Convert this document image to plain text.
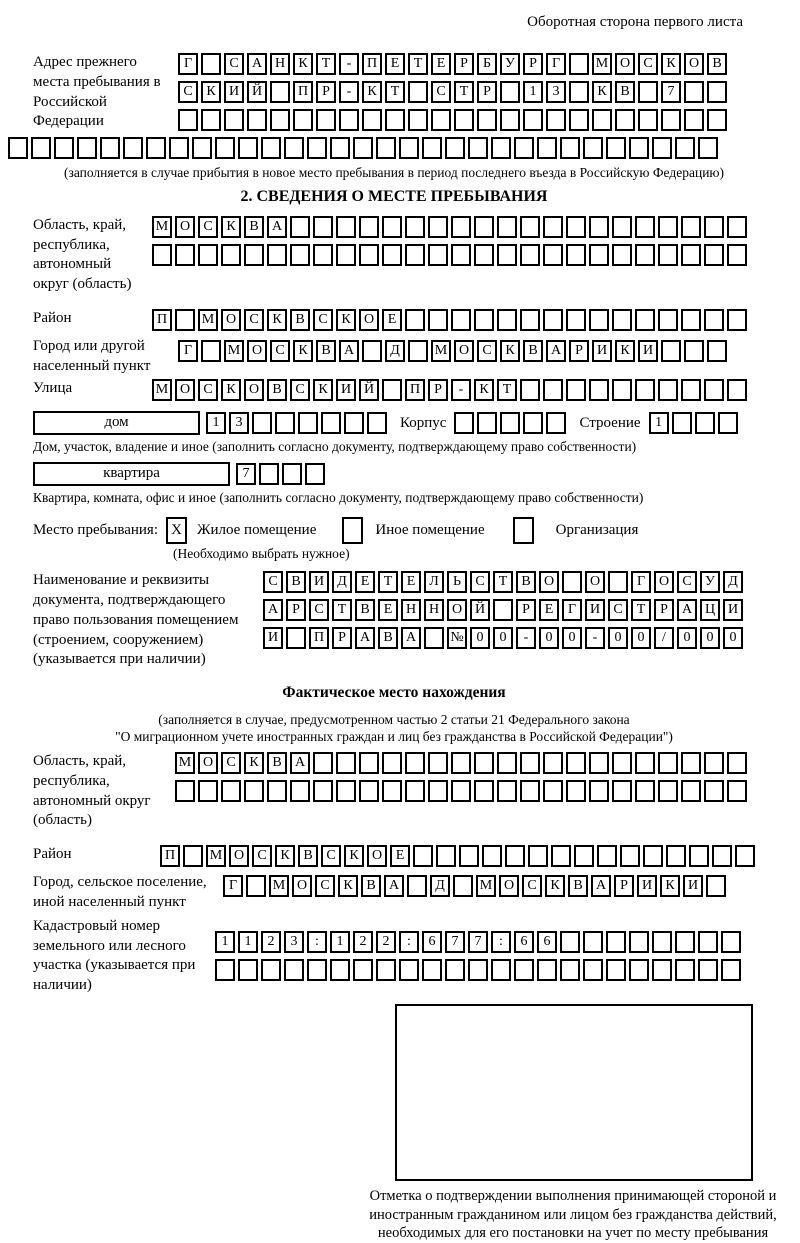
Оборотная сторона первого листа
Адрес прежнего места пребывания в Российской Федерации
Г	С А Н К Т - П Е Т Е Р Б У Р Г	М О С К О В
С К И Й	П Р - К Т	С Т Р	1 3	К В	7
(заполняется в случае прибытия в новое место пребывания в период последнего въезда в Российскую Федерацию)
2. СВЕДЕНИЯ О МЕСТЕ ПРЕБЫВАНИЯ
Область, край, республика, автономный округ (область)
М О С К В А
Район	П М О С К В С К О Е
Город или другой населенный пункт
Г	М О С К В А	Д М О С К В А Р И К И
Улица	М О С К О В С К И Й	П Р - К Т
дом	1 3	Корпус	Строение	1
Дом, участок, владение и иное (заполнить согласно документу, подтверждающему право собственности)
квартира	7
Квартира, комната, офис и иное (заполнить согласно документу, подтверждающему право собственности)
Место пребывания: X	Жилое помещение	Иное помещение	Организация
(Необходимо выбрать нужное)
Наименование и реквизиты документа, подтверждающего право пользования помещением (строением, сооружением) (указывается при наличии)
С В И Д Е Т Е Л Ь С Т В О	О	Г О С У Д
А Р С Т В Е Н Н О Й	Р Е Г И С Т Р А Ц И
И	П Р А В А № 0 0 - 0 0 - 0 0 / 0 0 0
Фактическое место нахождения
(заполняется в случае, предусмотренном частью 2 статьи 21 Федерального закона
"О миграционном учете иностранных граждан и лиц без гражданства в Российской Федерации")
Область, край, республика, автономный округ (область)
М О С К В А
Район	П М О С К В С К О Е
Город, сельское поселение, иной населенный пункт
Г	М О С К В А	Д М О С К В А Р И К И
Кадастровый номер земельного или лесного участка (указывается при наличии)
1 1 2 3 : 1 2 2 : 6 7 7 : 6 6
Отметка о подтверждении выполнения принимающей стороной и иностранным гражданином или лицом без гражданства действий, необходимых для его постановки на учет по месту пребывания
